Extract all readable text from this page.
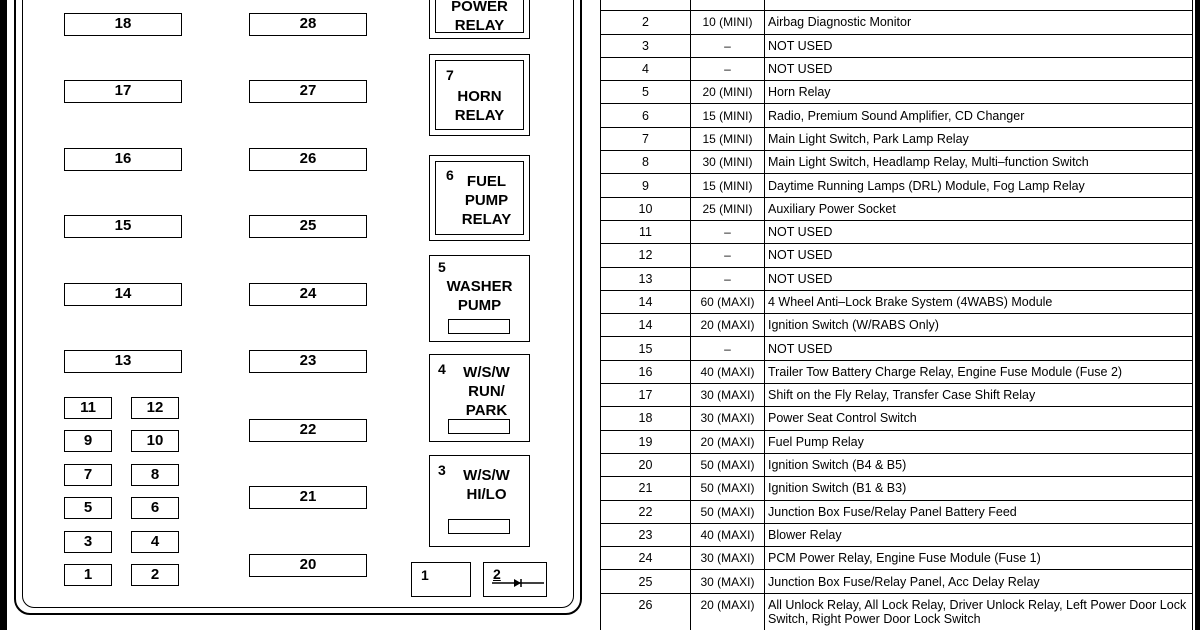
18
17
16
15
14
13
28
27
26
25
24
23
22
21
20
11
9
7
5
3
1
12
10
8
6
4
2
POWER
RELAY
7
HORN
RELAY
6 FUEL
PUMP
RELAY
5
WASHER
PUMP
4	W/S/W
RUN/
PARK
3	W/S/W
HI/LO
1	2

2	10 (MINI)	Airbag Diagnostic Monitor
3	–	NOT USED
4	–	NOT USED
5	20 (MINI)	Horn Relay
6	15 (MINI)	Radio, Premium Sound Amplifier, CD Changer
7	15 (MINI)	Main Light Switch, Park Lamp Relay
8	30 (MINI)	Main Light Switch, Headlamp Relay, Multi–function Switch
9	15 (MINI)	Daytime Running Lamps (DRL) Module, Fog Lamp Relay
10	25 (MINI)	Auxiliary Power Socket
11	–	NOT USED
12	–	NOT USED
13	–	NOT USED
14	60 (MAXI)	4 Wheel Anti–Lock Brake System (4WABS) Module
14	20 (MAXI)	Ignition Switch (W/RABS Only)
15	–	NOT USED
16	40 (MAXI)	Trailer Tow Battery Charge Relay, Engine Fuse Module (Fuse 2)
17	30 (MAXI)	Shift on the Fly Relay, Transfer Case Shift Relay
18	30 (MAXI)	Power Seat Control Switch
19	20 (MAXI)	Fuel Pump Relay
20	50 (MAXI)	Ignition Switch (B4 & B5)
21	50 (MAXI)	Ignition Switch (B1 & B3)
22	50 (MAXI)	Junction Box Fuse/Relay Panel Battery Feed
23	40 (MAXI)	Blower Relay
24	30 (MAXI)	PCM Power Relay, Engine Fuse Module (Fuse 1)
25	30 (MAXI)	Junction Box Fuse/Relay Panel, Acc Delay Relay
26	20 (MAXI)	All Unlock Relay, All Lock Relay, Driver Unlock Relay, Left Power Door Lock Switch, Right Power Door Lock Switch
